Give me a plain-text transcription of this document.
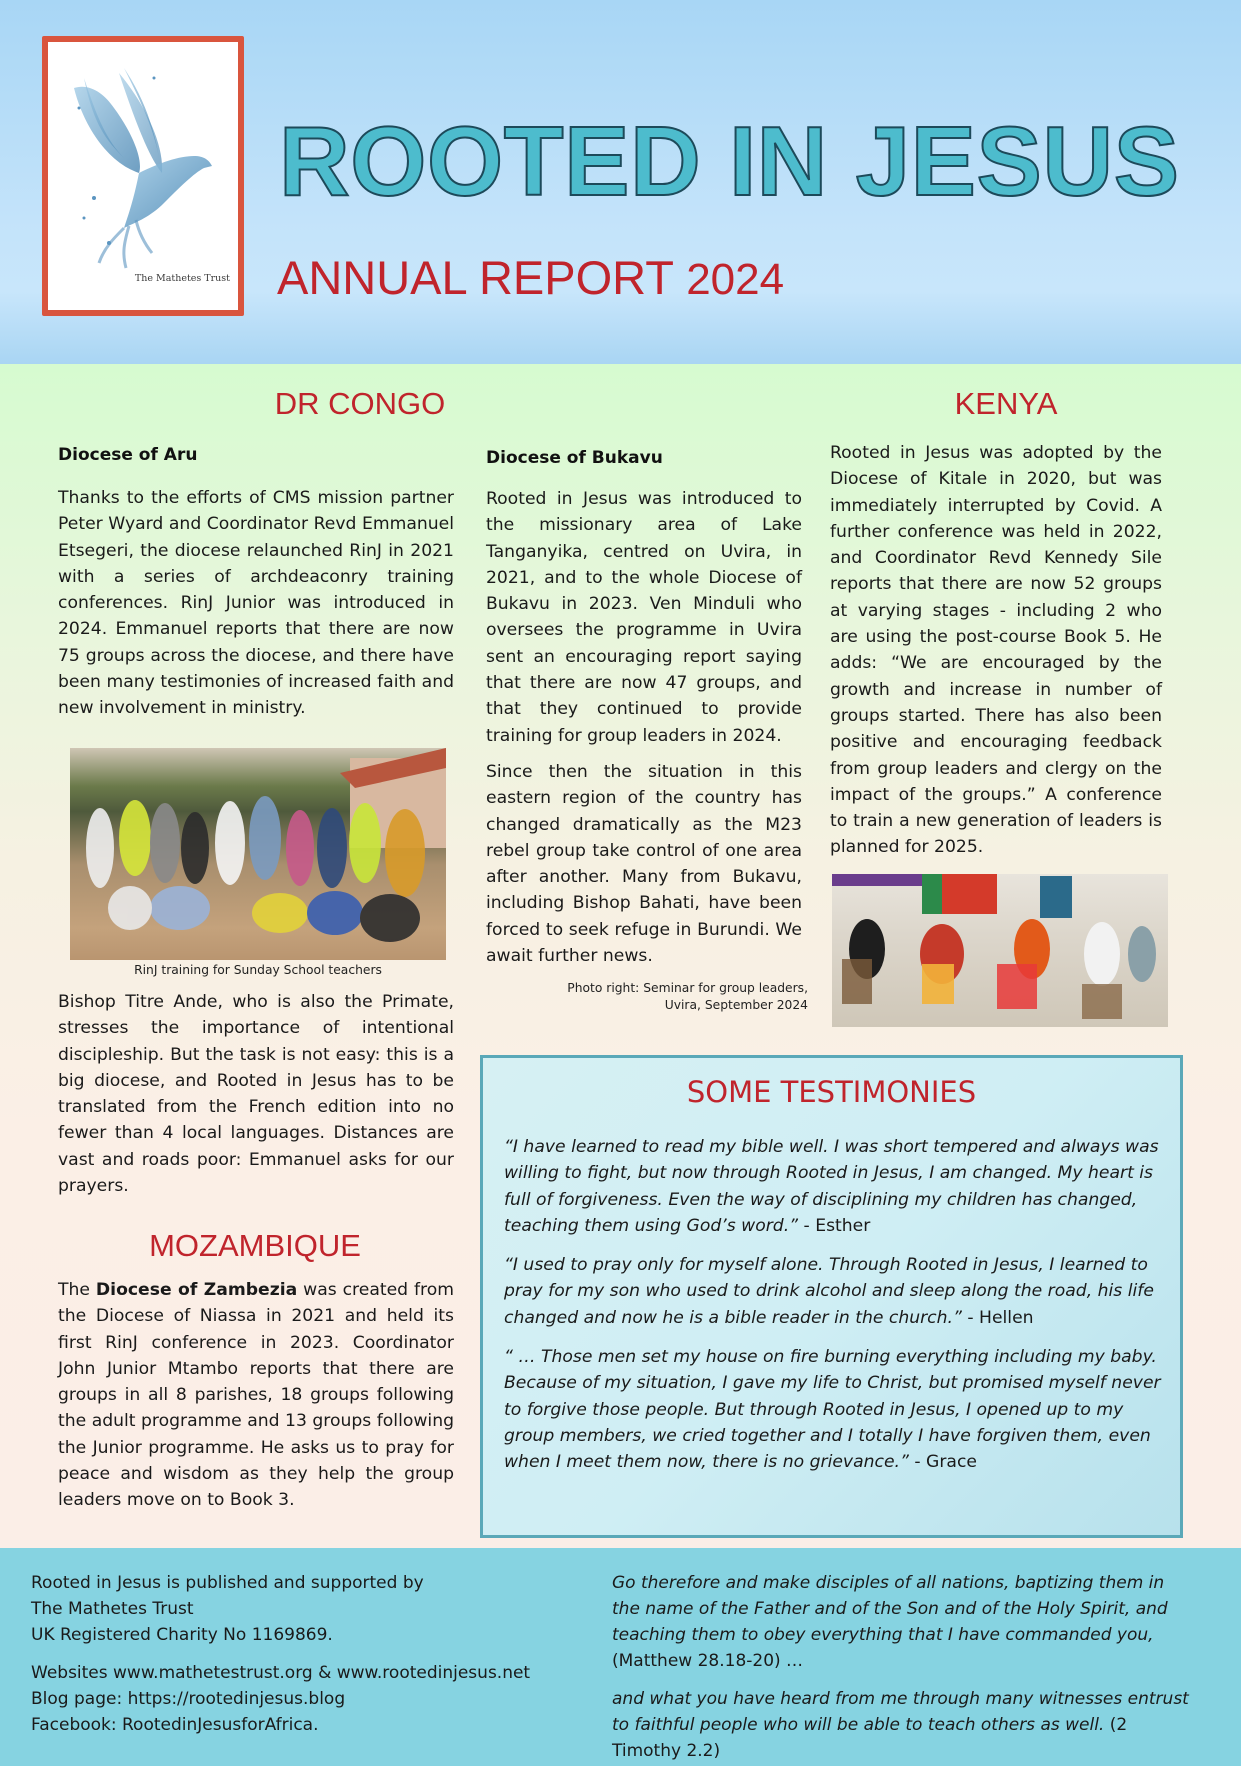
The Mathetes Trust
ROOTED IN JESUS
ANNUAL REPORT 2024
DR CONGO
Diocese of Aru
Thanks to the efforts of CMS mission partner Peter Wyard and Coordinator Revd Emmanuel Etsegeri, the diocese relaunched RinJ in 2021 with a series of archdeaconry training conferences. RinJ Junior was introduced in 2024. Emmanuel reports that there are now 75 groups across the diocese, and there have been many testimonies of increased faith and new involvement in ministry.
RinJ training for Sunday School teachers
Bishop Titre Ande, who is also the Primate, stresses the importance of intentional discipleship. But the task is not easy: this is a big diocese, and Rooted in Jesus has to be translated from the French edition into no fewer than 4 local languages. Distances are vast and roads poor: Emmanuel asks for our prayers.
Diocese of Bukavu
Rooted in Jesus was introduced to the missionary area of Lake Tanganyika, centred on Uvira, in 2021, and to the whole Diocese of Bukavu in 2023. Ven Minduli who oversees the programme in Uvira sent an encouraging report saying that there are now 47 groups, and that they continued to provide training for group leaders in 2024.
Since then the situation in this eastern region of the country has changed dramatically as the M23 rebel group take control of one area after another. Many from Bukavu, including Bishop Bahati, have been forced to seek refuge in Burundi. We await further news.
Photo right: Seminar for group leaders,
Uvira, September 2024
KENYA
Rooted in Jesus was adopted by the Diocese of Kitale in 2020, but was immediately interrupted by Covid. A further conference was held in 2022, and Coordinator Revd Kennedy Sile reports that there are now 52 groups at varying stages - including 2 who are using the post-course Book 5. He adds: “We are encouraged by the growth and increase in number of groups started. There has also been positive and encouraging feedback from group leaders and clergy on the impact of the groups.” A conference to train a new generation of leaders is planned for 2025.
MOZAMBIQUE
The Diocese of Zambezia was created from the Diocese of Niassa in 2021 and held its first RinJ conference in 2023. Coordinator John Junior Mtambo reports that there are groups in all 8 parishes, 18 groups following the adult programme and 13 groups following the Junior programme. He asks us to pray for peace and wisdom as they help the group leaders move on to Book 3.
SOME TESTIMONIES
“I have learned to read my bible well. I was short tempered and always was willing to fight, but now through Rooted in Jesus, I am changed. My heart is full of forgiveness. Even the way of disciplining my children has changed, teaching them using God’s word.” - Esther
“I used to pray only for myself alone. Through Rooted in Jesus, I learned to pray for my son who used to drink alcohol and sleep along the road, his life changed and now he is a bible reader in the church.” - Hellen
“ … Those men set my house on fire burning everything including my baby. Because of my situation, I gave my life to Christ, but promised myself never to forgive those people. But through Rooted in Jesus, I opened up to my group members, we cried together and I totally I have forgiven them, even when I meet them now, there is no grievance.” - Grace
Rooted in Jesus is published and supported by
The Mathetes Trust
UK Registered Charity No 1169869.
Websites www.mathetestrust.org & www.rootedinjesus.net
Blog page: https://rootedinjesus.blog
Facebook: RootedinJesusforAfrica.
Go therefore and make disciples of all nations, baptizing them in the name of the Father and of the Son and of the Holy Spirit, and teaching them to obey everything that I have commanded you, (Matthew 28.18-20) …
and what you have heard from me through many witnesses entrust to faithful people who will be able to teach others as well. (2 Timothy 2.2)
